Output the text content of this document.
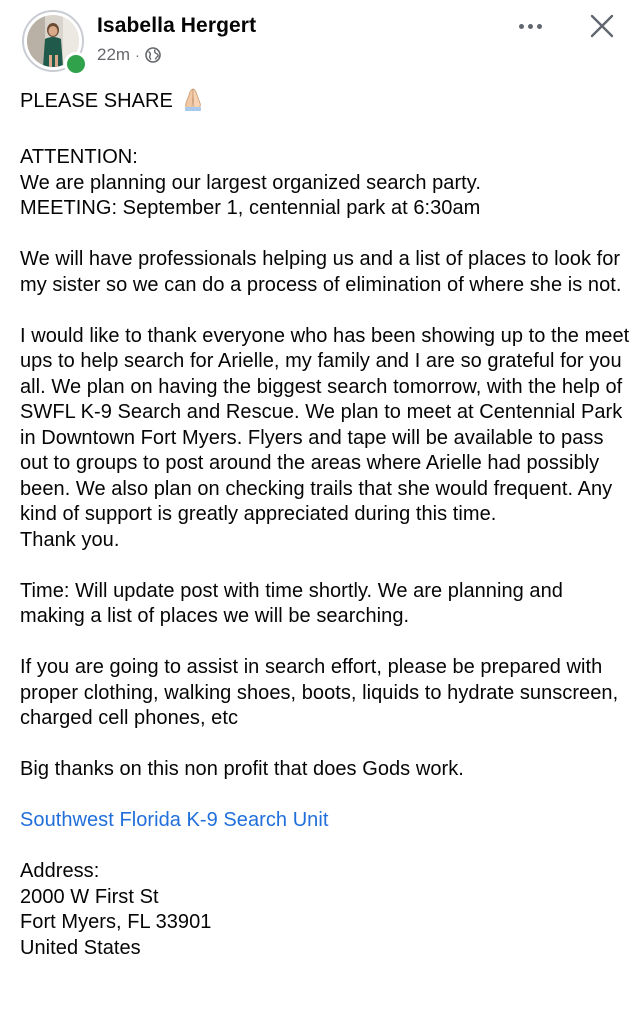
Isabella Hergert
22m ·

PLEASE SHARE

ATTENTION:
We are planning our largest organized search party.
MEETING: September 1, centennial park at 6:30am

We will have professionals helping us and a list of places to look for my sister so we can do a process of elimination of where she is not.

I would like to thank everyone who has been showing up to the meet ups to help search for Arielle, my family and I are so grateful for you all. We plan on having the biggest search tomorrow, with the help of SWFL K-9 Search and Rescue. We plan to meet at Centennial Park in Downtown Fort Myers. Flyers and tape will be available to pass out to groups to post around the areas where Arielle had possibly been. We also plan on checking trails that she would frequent. Any kind of support is greatly appreciated during this time.
Thank you.

Time: Will update post with time shortly. We are planning and making a list of places we will be searching.

If you are going to assist in search effort, please be prepared with proper clothing, walking shoes, boots, liquids to hydrate sunscreen, charged cell phones, etc

Big thanks on this non profit that does Gods work.

Southwest Florida K-9 Search Unit

Address:
2000 W First St
Fort Myers, FL 33901
United States
